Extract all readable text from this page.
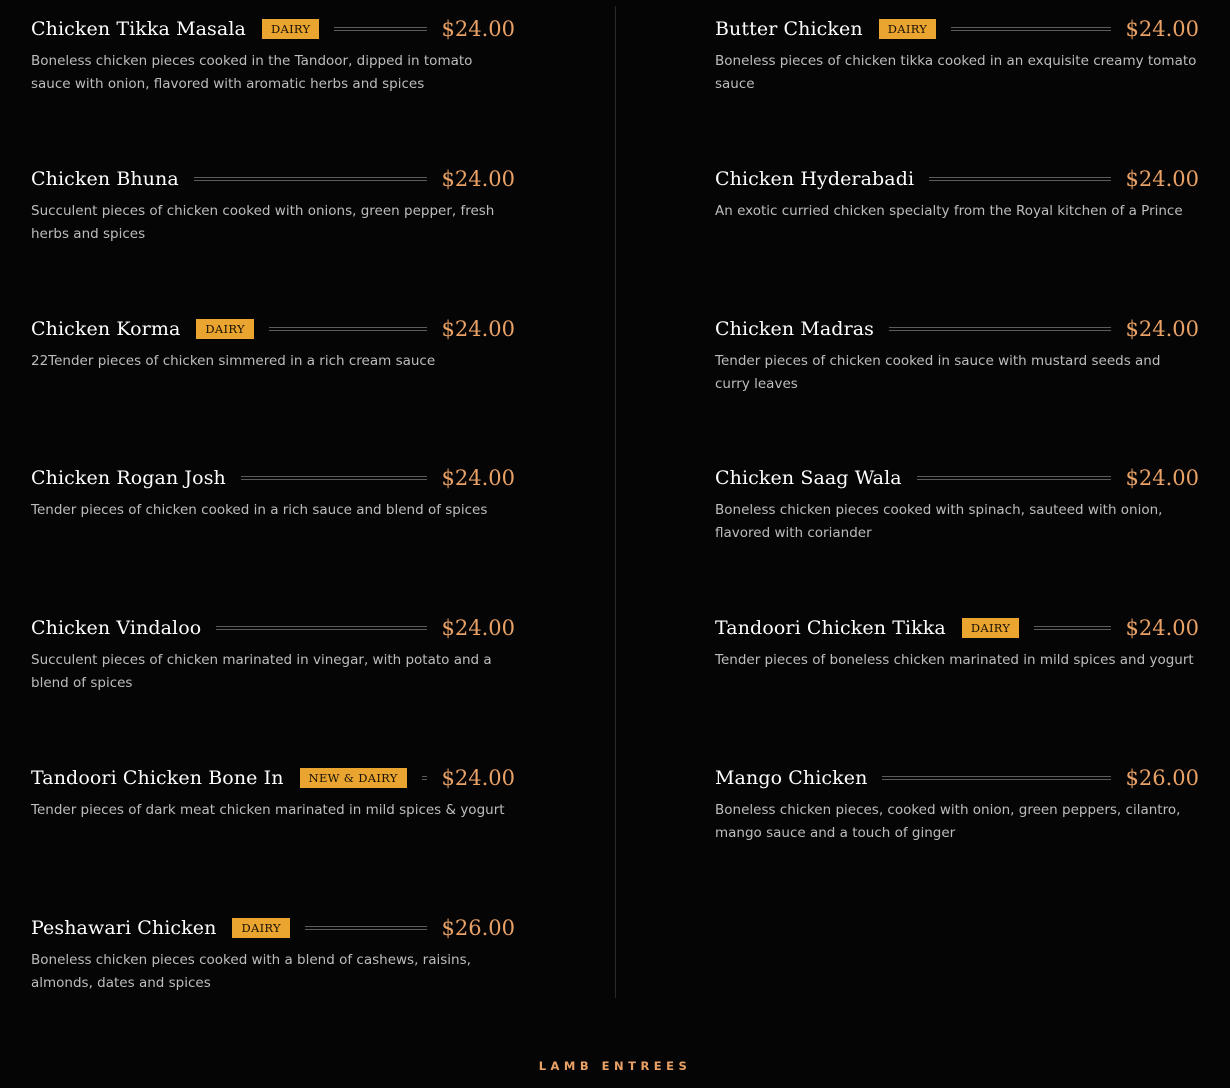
Chicken Tikka Masala	DAIRY	$24.00
Boneless chicken pieces cooked in the Tandoor, dipped in tomato sauce with onion, flavored with aromatic herbs and spices
Chicken Bhuna	$24.00
Succulent pieces of chicken cooked with onions, green pepper, fresh herbs and spices
Chicken Korma	DAIRY	$24.00
22Tender pieces of chicken simmered in a rich cream sauce
Chicken Rogan Josh	$24.00
Tender pieces of chicken cooked in a rich sauce and blend of spices
Chicken Vindaloo	$24.00
Succulent pieces of chicken marinated in vinegar, with potato and a blend of spices
Tandoori Chicken Bone In	NEW & DAIRY	$24.00
Tender pieces of dark meat chicken marinated in mild spices & yogurt
Peshawari Chicken	DAIRY	$26.00
Boneless chicken pieces cooked with a blend of cashews, raisins, almonds, dates and spices
Butter Chicken	DAIRY	$24.00
Boneless pieces of chicken tikka cooked in an exquisite creamy tomato sauce
Chicken Hyderabadi	$24.00
An exotic curried chicken specialty from the Royal kitchen of a Prince
Chicken Madras	$24.00
Tender pieces of chicken cooked in sauce with mustard seeds and curry leaves
Chicken Saag Wala	$24.00
Boneless chicken pieces cooked with spinach, sauteed with onion, flavored with coriander
Tandoori Chicken Tikka	DAIRY	$24.00
Tender pieces of boneless chicken marinated in mild spices and yogurt
Mango Chicken	$26.00
Boneless chicken pieces, cooked with onion, green peppers, cilantro, mango sauce and a touch of ginger
LAMB ENTREES
